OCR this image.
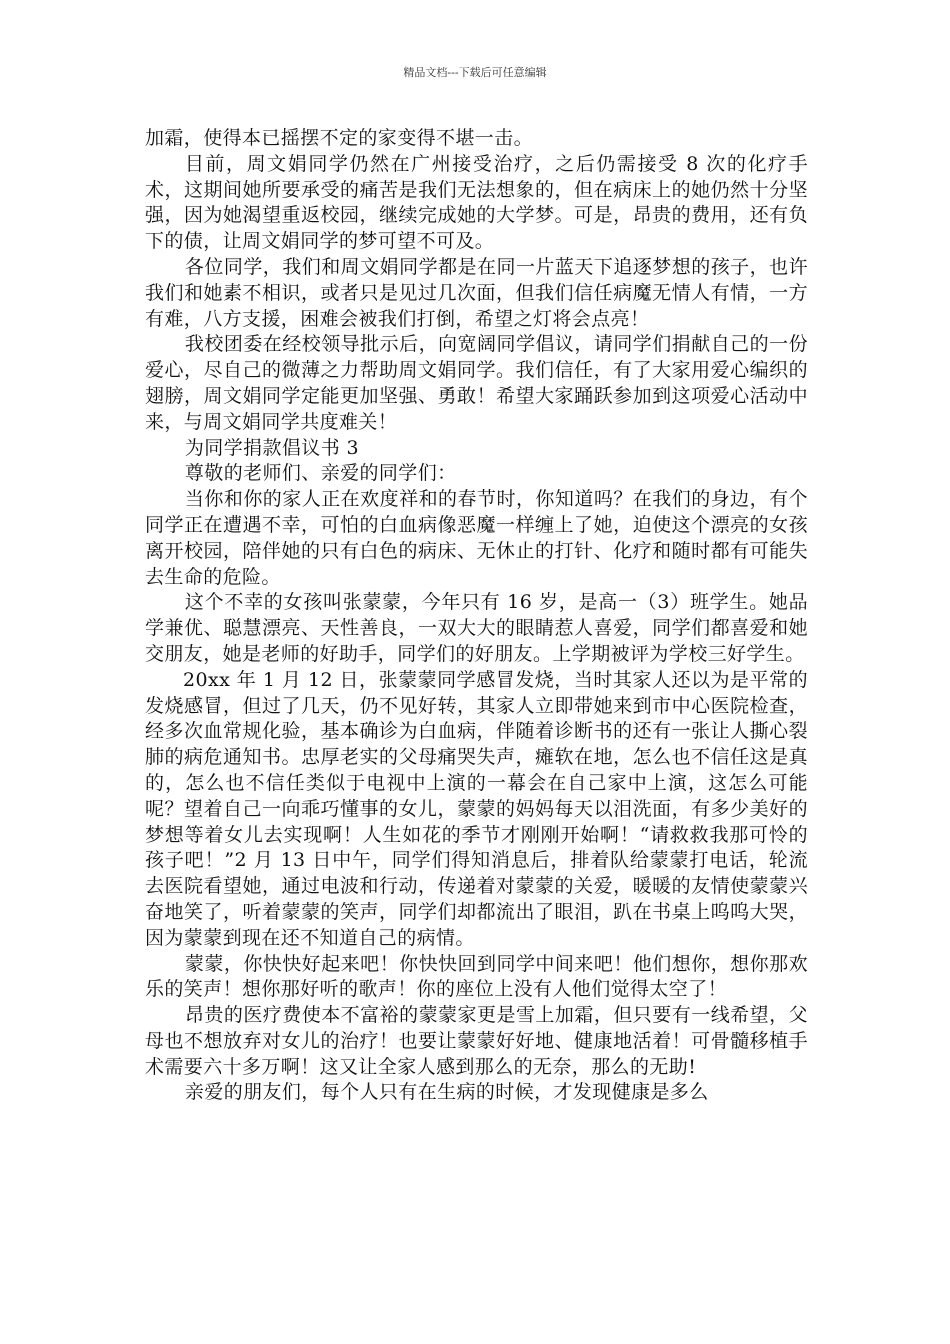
精品文档---下载后可任意编辑

加霜，使得本已摇摆不定的家变得不堪一击。

目前，周文娟同学仍然在广州接受治疗，之后仍需接受 8 次的化疗手术，这期间她所要承受的痛苦是我们无法想象的，但在病床上的她仍然十分坚强，因为她渴望重返校园，继续完成她的大学梦。可是，昂贵的费用，还有负下的债，让周文娟同学的梦可望不可及。

各位同学，我们和周文娟同学都是在同一片蓝天下追逐梦想的孩子，也许我们和她素不相识，或者只是见过几次面，但我们信任病魔无情人有情，一方有难，八方支援，困难会被我们打倒，希望之灯将会点亮！

我校团委在经校领导批示后，向宽阔同学倡议，请同学们捐献自己的一份爱心，尽自己的微薄之力帮助周文娟同学。我们信任，有了大家用爱心编织的翅膀，周文娟同学定能更加坚强、勇敢！希望大家踊跃参加到这项爱心活动中来，与周文娟同学共度难关！

为同学捐款倡议书 3

尊敬的老师们、亲爱的同学们：

当你和你的家人正在欢度祥和的春节时，你知道吗？在我们的身边，有个同学正在遭遇不幸，可怕的白血病像恶魔一样缠上了她，迫使这个漂亮的女孩离开校园，陪伴她的只有白色的病床、无休止的打针、化疗和随时都有可能失去生命的危险。

这个不幸的女孩叫张蒙蒙，今年只有 16 岁，是高一（3）班学生。她品学兼优、聪慧漂亮、天性善良，一双大大的眼睛惹人喜爱，同学们都喜爱和她交朋友，她是老师的好助手，同学们的好朋友。上学期被评为学校三好学生。

20xx 年 1 月 12 日，张蒙蒙同学感冒发烧，当时其家人还以为是平常的发烧感冒，但过了几天，仍不见好转，其家人立即带她来到市中心医院检查，经多次血常规化验，基本确诊为白血病，伴随着诊断书的还有一张让人撕心裂肺的病危通知书。忠厚老实的父母痛哭失声，瘫软在地，怎么也不信任这是真的，怎么也不信任类似于电视中上演的一幕会在自己家中上演，这怎么可能呢？望着自己一向乖巧懂事的女儿，蒙蒙的妈妈每天以泪洗面，有多少美好的梦想等着女儿去实现啊！人生如花的季节才刚刚开始啊！“请救救我那可怜的孩子吧！”2 月 13 日中午，同学们得知消息后，排着队给蒙蒙打电话，轮流去医院看望她，通过电波和行动，传递着对蒙蒙的关爱，暖暖的友情使蒙蒙兴奋地笑了，听着蒙蒙的笑声，同学们却都流出了眼泪，趴在书桌上呜呜大哭，因为蒙蒙到现在还不知道自己的病情。

蒙蒙，你快快好起来吧！你快快回到同学中间来吧！他们想你，想你那欢乐的笑声！想你那好听的歌声！你的座位上没有人他们觉得太空了！

昂贵的医疗费使本不富裕的蒙蒙家更是雪上加霜，但只要有一线希望，父母也不想放弃对女儿的治疗！也要让蒙蒙好好地、健康地活着！可骨髓移植手术需要六十多万啊！这又让全家人感到那么的无奈，那么的无助!

亲爱的朋友们，每个人只有在生病的时候，才发现健康是多么
